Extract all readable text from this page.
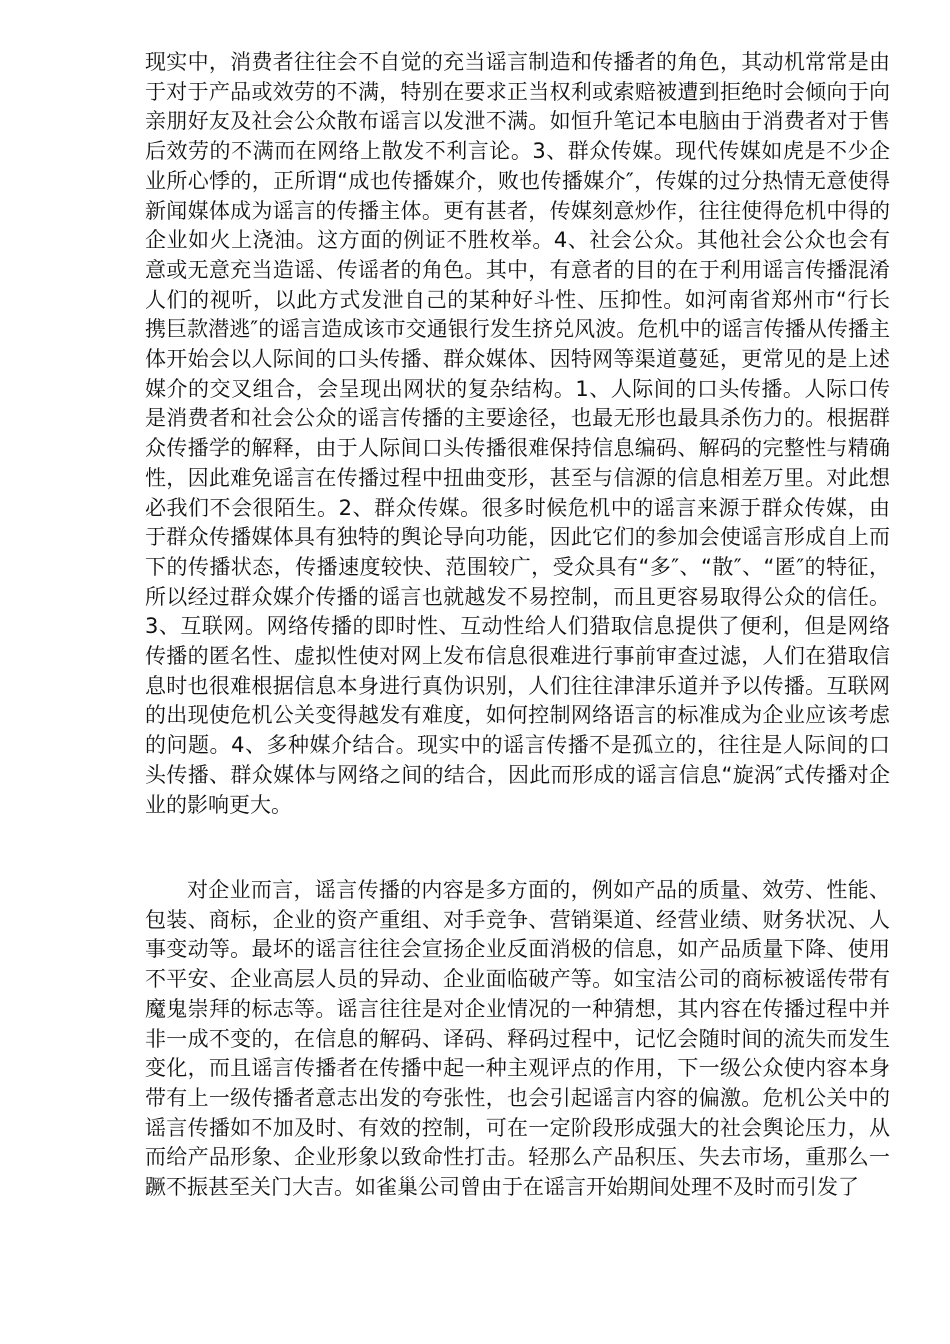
现实中，消费者往往会不自觉的充当谣言制造和传播者的角色，其动机常常是由于对于产品或效劳的不满，特别在要求正当权利或索赔被遭到拒绝时会倾向于向亲朋好友及社会公众散布谣言以发泄不满。如恒升笔记本电脑由于消费者对于售后效劳的不满而在网络上散发不利言论。3、群众传媒。现代传媒如虎是不少企业所心悸的，正所谓“成也传播媒介，败也传播媒介″，传媒的过分热情无意使得新闻媒体成为谣言的传播主体。更有甚者，传媒刻意炒作，往往使得危机中得的企业如火上浇油。这方面的例证不胜枚举。4、社会公众。其他社会公众也会有意或无意充当造谣、传谣者的角色。其中，有意者的目的在于利用谣言传播混淆人们的视听，以此方式发泄自己的某种好斗性、压抑性。如河南省郑州市“行长携巨款潜逃″的谣言造成该市交通银行发生挤兑风波。危机中的谣言传播从传播主体开始会以人际间的口头传播、群众媒体、因特网等渠道蔓延，更常见的是上述媒介的交叉组合，会呈现出网状的复杂结构。1、人际间的口头传播。人际口传是消费者和社会公众的谣言传播的主要途径，也最无形也最具杀伤力的。根据群众传播学的解释，由于人际间口头传播很难保持信息编码、解码的完整性与精确性，因此难免谣言在传播过程中扭曲变形，甚至与信源的信息相差万里。对此想必我们不会很陌生。2、群众传媒。很多时候危机中的谣言来源于群众传媒，由于群众传播媒体具有独特的舆论导向功能，因此它们的参加会使谣言形成自上而下的传播状态，传播速度较快、范围较广，受众具有“多″、“散″、“匿″的特征，所以经过群众媒介传播的谣言也就越发不易控制，而且更容易取得公众的信任。3、互联网。网络传播的即时性、互动性给人们猎取信息提供了便利，但是网络传播的匿名性、虚拟性使对网上发布信息很难进行事前审查过滤，人们在猎取信息时也很难根据信息本身进行真伪识别，人们往往津津乐道并予以传播。互联网的出现使危机公关变得越发有难度，如何控制网络语言的标准成为企业应该考虑的问题。4、多种媒介结合。现实中的谣言传播不是孤立的，往往是人际间的口头传播、群众媒体与网络之间的结合，因此而形成的谣言信息“旋涡″式传播对企业的影响更大。

对企业而言，谣言传播的内容是多方面的，例如产品的质量、效劳、性能、包装、商标，企业的资产重组、对手竞争、营销渠道、经营业绩、财务状况、人事变动等。最坏的谣言往往会宣扬企业反面消极的信息，如产品质量下降、使用不平安、企业高层人员的异动、企业面临破产等。如宝洁公司的商标被谣传带有魔鬼崇拜的标志等。谣言往往是对企业情况的一种猜想，其内容在传播过程中并非一成不变的，在信息的解码、译码、释码过程中，记忆会随时间的流失而发生变化，而且谣言传播者在传播中起一种主观评点的作用，下一级公众使内容本身带有上一级传播者意志出发的夸张性，也会引起谣言内容的偏激。危机公关中的谣言传播如不加及时、有效的控制，可在一定阶段形成强大的社会舆论压力，从而给产品形象、企业形象以致命性打击。轻那么产品积压、失去市场，重那么一蹶不振甚至关门大吉。如雀巢公司曾由于在谣言开始期间处理不及时而引发了
